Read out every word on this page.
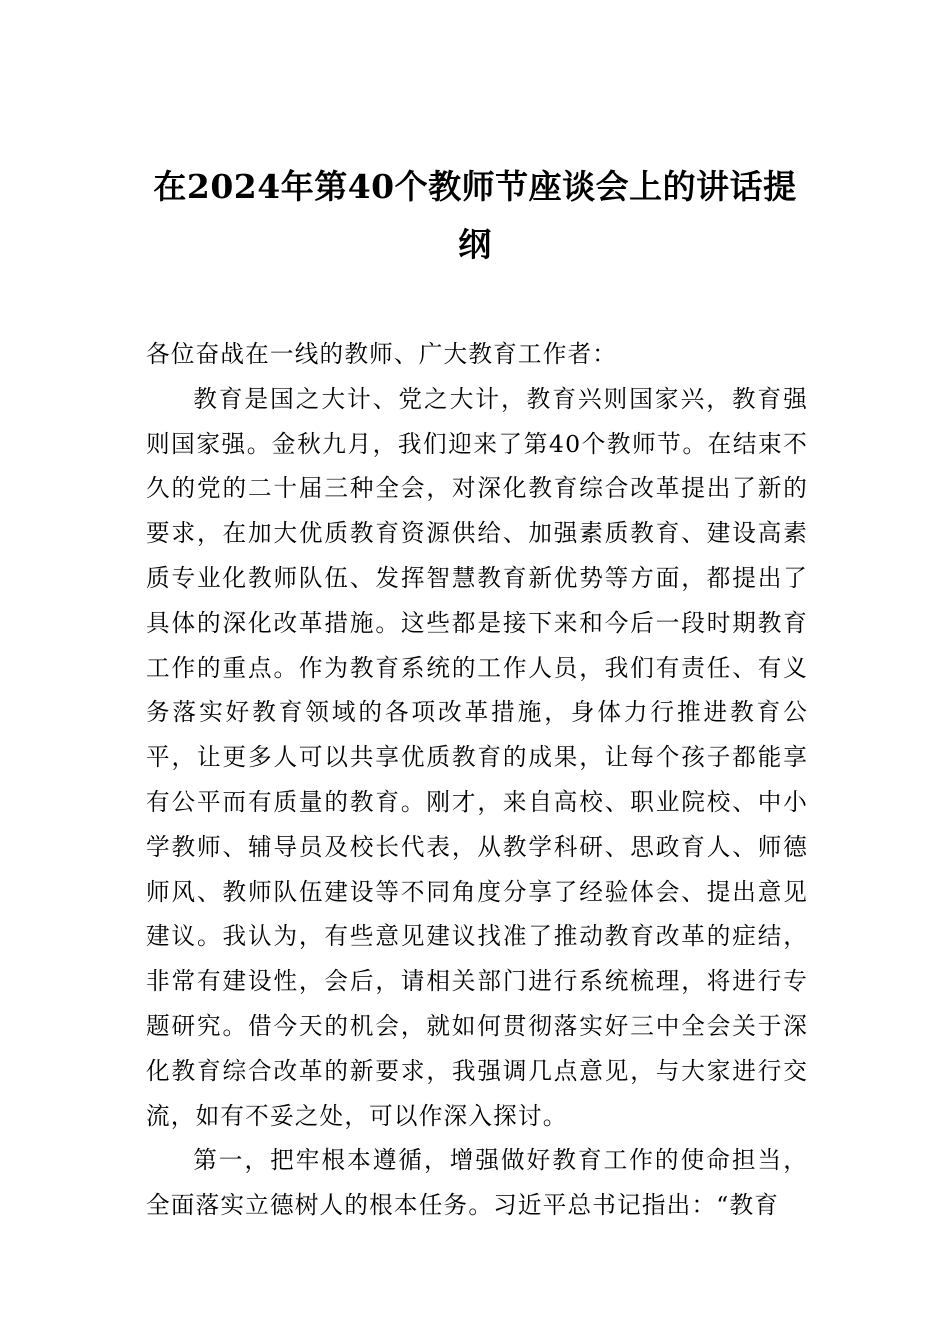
在2024年第40个教师节座谈会上的讲话提纲

各位奋战在一线的教师、广大教育工作者：

教育是国之大计、党之大计，教育兴则国家兴，教育强则国家强。金秋九月，我们迎来了第40个教师节。在结束不久的党的二十届三种全会，对深化教育综合改革提出了新的要求，在加大优质教育资源供给、加强素质教育、建设高素质专业化教师队伍、发挥智慧教育新优势等方面，都提出了具体的深化改革措施。这些都是接下来和今后一段时期教育工作的重点。作为教育系统的工作人员，我们有责任、有义务落实好教育领域的各项改革措施，身体力行推进教育公平，让更多人可以共享优质教育的成果，让每个孩子都能享有公平而有质量的教育。刚才，来自高校、职业院校、中小学教师、辅导员及校长代表，从教学科研、思政育人、师德师风、教师队伍建设等不同角度分享了经验体会、提出意见建议。我认为，有些意见建议找准了推动教育改革的症结，非常有建设性，会后，请相关部门进行系统梳理，将进行专题研究。借今天的机会，就如何贯彻落实好三中全会关于深化教育综合改革的新要求，我强调几点意见，与大家进行交流，如有不妥之处，可以作深入探讨。

第一，把牢根本遵循，增强做好教育工作的使命担当，全面落实立德树人的根本任务。习近平总书记指出：“教育
